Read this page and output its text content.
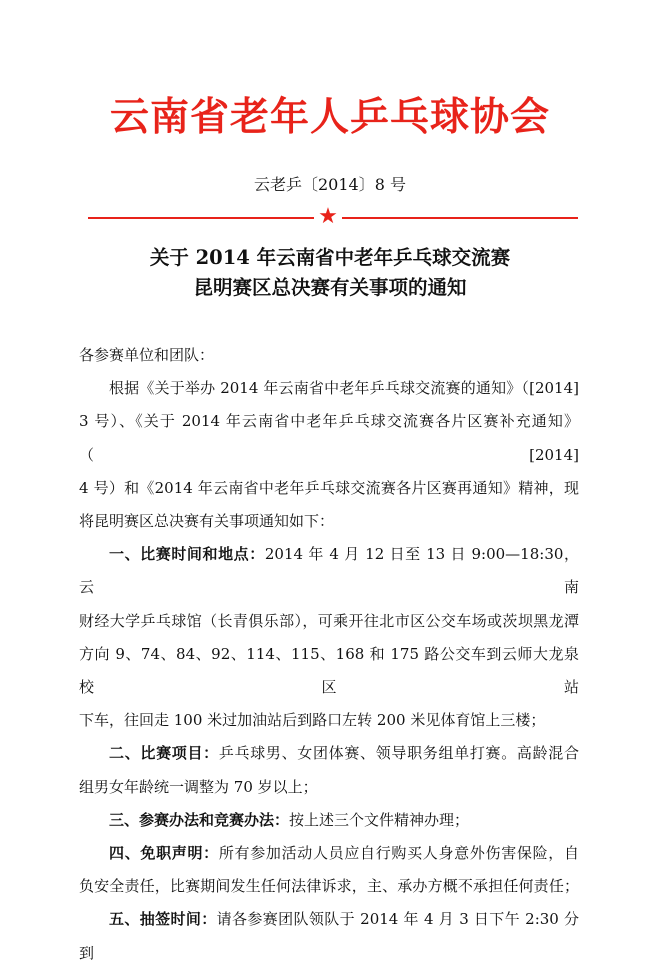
云南省老年人乒乓球协会
云老乒〔2014〕8 号
★
关于 2014 年云南省中老年乒乓球交流赛
昆明赛区总决赛有关事项的通知

各参赛单位和团队：

根据《关于举办 2014 年云南省中老年乒乓球交流赛的通知》（[2014]

3 号）、《关于 2014 年云南省中老年乒乓球交流赛各片区赛补充通知》（[2014]

4 号）和《2014 年云南省中老年乒乓球交流赛各片区赛再通知》精神，现

将昆明赛区总决赛有关事项通知如下：

一、比赛时间和地点：2014 年 4 月 12 日至 13 日 9:00—18:30，云南

财经大学乒乓球馆（长青俱乐部），可乘开往北市区公交车场或茨坝黑龙潭

方向 9、74、84、92、114、115、168 和 175 路公交车到云师大龙泉校区站

下车，往回走 100 米过加油站后到路口左转 200 米见体育馆上三楼；

二、比赛项目：乒乓球男、女团体赛、领导职务组单打赛。高龄混合

组男女年龄统一调整为 70 岁以上；

三、参赛办法和竞赛办法：按上述三个文件精神办理；

四、免职声明：所有参加活动人员应自行购买人身意外伤害保险，自

负安全责任，比赛期间发生任何法律诉求，主、承办方概不承担任何责任；

五、抽签时间：请各参赛团队领队于 2014 年 4 月 3 日下午 2:30 分到
